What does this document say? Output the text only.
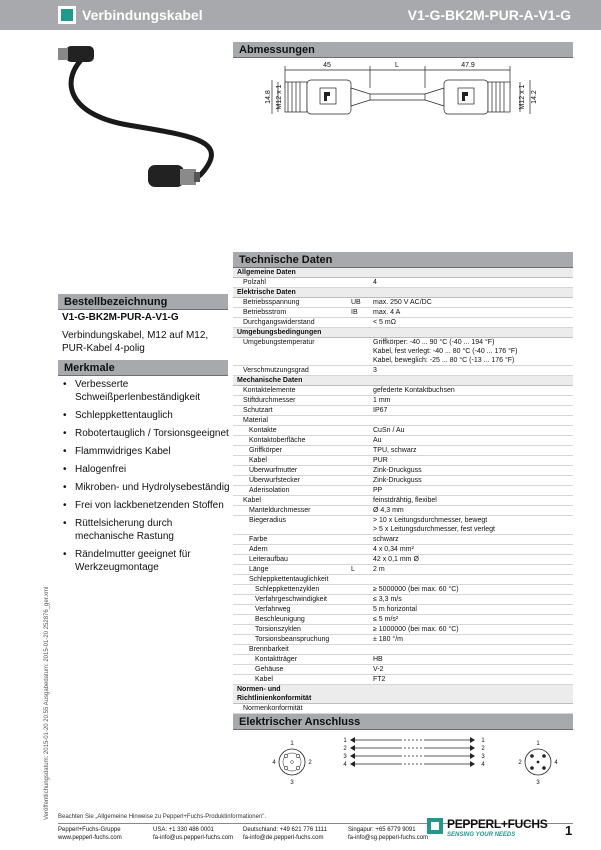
Verbindungskabel	V1-G-BK2M-PUR-A-V1-G
Abmessungen
45	L	47.9
14.8 M12 x 1	M12 x 1 14.2
Bestellbezeichnung
V1-G-BK2M-PUR-A-V1-G
Verbindungskabel, M12 auf M12, PUR-Kabel 4-polig
Merkmale
• Verbesserte Schweißperlenbeständigkeit
• Schleppkettentauglich
• Robotertauglich / Torsionsgeeignet
• Flammwidriges Kabel
• Halogenfrei
• Mikroben- und Hydrolysebeständig
• Frei von lackbenetzenden Stoffen
• Rüttelsicherung durch mechanische Rastung
• Rändelmutter geeignet für Werkzeugmontage
Technische Daten
Allgemeine Daten
Polzahl	4
Elektrische Daten
Betriebsspannung	UB	max. 250 V AC/DC
Betriebsstrom	IB	max. 4 A
Durchgangswiderstand	< 5 mΩ
Umgebungsbedingungen
Umgebungstemperatur	Griffkörper: -40 ... 90 °C (-40 ... 194 °F)
Kabel, fest verlegt: -40 ... 80 °C (-40 ... 176 °F)
Kabel, beweglich: -25 ... 80 °C (-13 ... 176 °F)
Verschmutzungsgrad	3
Mechanische Daten
Kontaktelemente	gefederte Kontaktbuchsen
Stiftdurchmesser	1 mm
Schutzart	IP67
Material
Kontakte	CuSn / Au
Kontaktoberfläche	Au
Griffkörper	TPU, schwarz
Kabel	PUR
Überwurfmutter	Zink-Druckguss
Überwurfstecker	Zink-Druckguss
Aderisolation	PP
Kabel	feinstdrähtig, flexibel
Manteldurchmesser	Ø 4,3 mm
Biegeradius	> 10 x Leitungsdurchmesser, bewegt
> 5 x Leitungsdurchmesser, fest verlegt
Farbe	schwarz
Adern	4 x 0,34 mm²
Leiteraufbau	42 x 0,1 mm Ø
Länge	L	2 m
Schleppkettentauglichkeit
Schleppkettenzyklen	≥ 5000000 (bei max. 60 °C)
Verfahrgeschwindigkeit	≤ 3,3 m/s
Verfahrweg	5 m horizontal
Beschleunigung	≤ 5 m/s²
Torsionszyklen	≥ 1000000 (bei max. 60 °C)
Torsionsbeanspruchung	± 180 °/m
Brennbarkeit
Kontaktträger	HB
Gehäuse	V-2
Kabel	FT2
Normen- und Richtlinienkonformität
Normenkonformität
Elektrischer Anschluss
1
2
3
4
1
2
3
4
1
2
3
4
1
2
3
4
Veröffentlichungsdatum: 2015-01-20 20:55 Ausgabedatum: 2015-01-20 252876_ger.xml Beachten Sie „Allgemeine Hinweise zu Pepperl+Fuchs-Produktinformationen".
Pepperl+Fuchs-Gruppe
www.pepperl-fuchs.com
USA: +1 330 486 0001
fa-info@us.pepperl-fuchs.com
Deutschland: +49 621 776 1111
fa-info@de.pepperl-fuchs.com
Singapur: +65 6779 9091
fa-info@sg.pepperl-fuchs.com
PEPPERL+FUCHS
SENSING YOUR NEEDS	1
